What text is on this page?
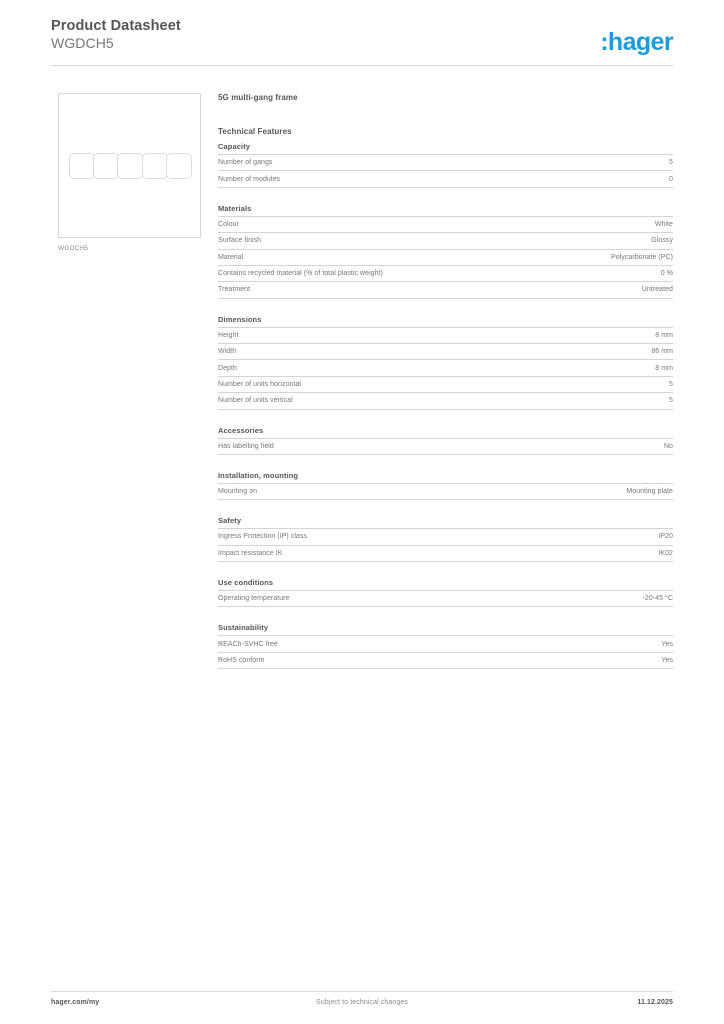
Product Datasheet
WGDCH5	:hager
WGDCH5
5G multi-gang frame
Technical Features
Capacity
Number of gangs	5
Number of modules	0
Materials
Colour	White
Surface finish	Glossy
Material	Polycarbonate (PC)
Contains recycled material (% of total plastic weight)	0 %
Treatment	Untreated
Dimensions
Height	8 mm
Width	86 mm
Depth	8 mm
Number of units horizontal	5
Number of units vertical	5
Accessories
Has labelling field	No
Installation, mounting
Mounting on	Mounting plate
Safety
Ingress Protection (IP) class	IP20
Impact resistance IK	IK02
Use conditions
Operating temperature	-20-45 °C
Sustainability
REACh-SVHC free	Yes
RoHS conform	Yes
hager.com/my	Subject to technical changes	11.12.2025
